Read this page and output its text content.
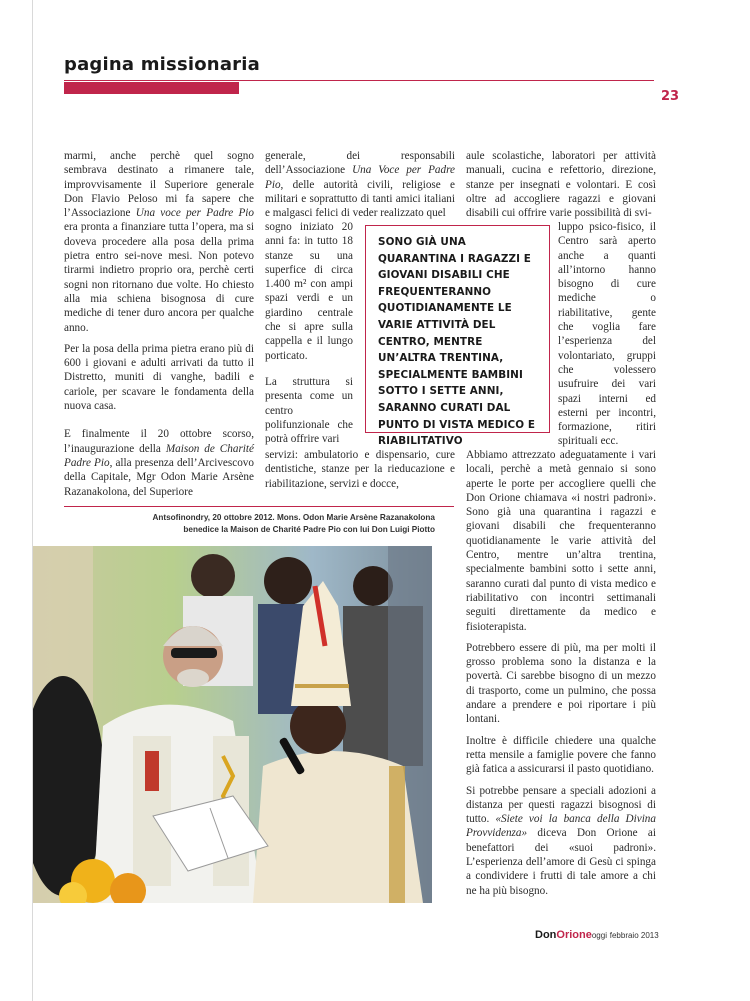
pagina missionaria
23

marmi, anche perchè quel sogno sembrava destinato a rimanere tale, improvvisamente il Superiore generale Don Flavio Peloso mi fa sapere che l’Associazione Una voce per Padre Pio era pronta a finanziare tutta l’opera, ma si doveva procedere alla posa della prima pietra entro sei-nove mesi. Non potevo tirarmi indietro proprio ora, perchè certi sogni non ritornano due volte. Ho chiesto alla mia schiena bisognosa di cure mediche di tener duro ancora per qualche anno.

Per la posa della prima pietra erano più di 600 i giovani e adulti arrivati da tutto il Distretto, muniti di vanghe, badili e cariole, per scavare le fondamenta della nuova casa.

E finalmente il 20 ottobre scorso, l’inaugurazione della Maison de Charité Padre Pio, alla presenza dell’Arcivescovo della Capitale, Mgr Odon Marie Arsène Razanakolona, del Superiore

generale, dei responsabili dell’Associazione Una Voce per Padre Pio, delle autorità civili, religiose e militari e soprattutto di tanti amici italiani e malgasci felici di veder realizzato quel

sogno iniziato 20 anni fa: in tutto 18 stanze su una superfice di circa 1.400 m² con ampi spazi verdi e un giardino centrale che si apre sulla cappella e il lungo porticato.

La struttura si presenta come un centro polifunzionale che potrà offrire vari

servizi: ambulatorio e dispensario, cure dentistiche, stanze per la rieducazione e riabilitazione, servizi e docce,

aule scolastiche, laboratori per attività manuali, cucina e refettorio, direzione, stanze per insegnati e volontari. E così oltre ad accogliere ragazzi e giovani disabili cui offrire varie possibilità di svi-

luppo psico-fisico, il Centro sarà aperto anche a quanti all’intorno hanno bisogno di cure mediche o riabilitative, gente che voglia fare l’esperienza del volontariato, gruppi che volessero usufruire dei vari spazi interni ed esterni per incontri, formazione, ritiri spirituali ecc.

Abbiamo attrezzato adeguatamente i vari locali, perchè a metà gennaio si sono aperte le porte per accogliere quelli che Don Orione chiamava «i nostri padroni». Sono già una quarantina i ragazzi e giovani disabili che frequenteranno quotidianamente le varie attività del Centro, mentre un’altra trentina, specialmente bambini sotto i sette anni, saranno curati dal punto di vista medico e riabilitativo con incontri settimanali seguiti direttamente da medico e fisioterapista.

Potrebbero essere di più, ma per molti il grosso problema sono la distanza e la povertà. Ci sarebbe bisogno di un mezzo di trasporto, come un pulmino, che possa andare a prendere e poi riportare i più lontani.

Inoltre è difficile chiedere una qualche retta mensile a famiglie povere che fanno già fatica a assicurarsi il pasto quotidiano.

Si potrebbe pensare a speciali adozioni a distanza per questi ragazzi bisognosi di tutto. «Siete voi la banca della Divina Provvidenza» diceva Don Orione ai benefattori dei «suoi padroni». L’esperienza dell’amore di Gesù ci spinga a condividere i frutti di tale amore a chi ne ha più bisogno.

SONO GIÀ UNA QUARANTINA I RAGAZZI E GIOVANI DISABILI CHE FREQUENTERANNO QUOTIDIANAMENTE LE VARIE ATTIVITÀ DEL CENTRO, MENTRE UN’ALTRA TRENTINA, SPECIALMENTE BAMBINI SOTTO I SETTE ANNI, SARANNO CURATI DAL PUNTO DI VISTA MEDICO E RIABILITATIVO
Antsofinondry, 20 ottobre 2012. Mons. Odon Marie Arsène Razanakolona
benedice la Maison de Charité Padre Pio con lui Don Luigi Piotto
DonOrioneoggi febbraio 2013
